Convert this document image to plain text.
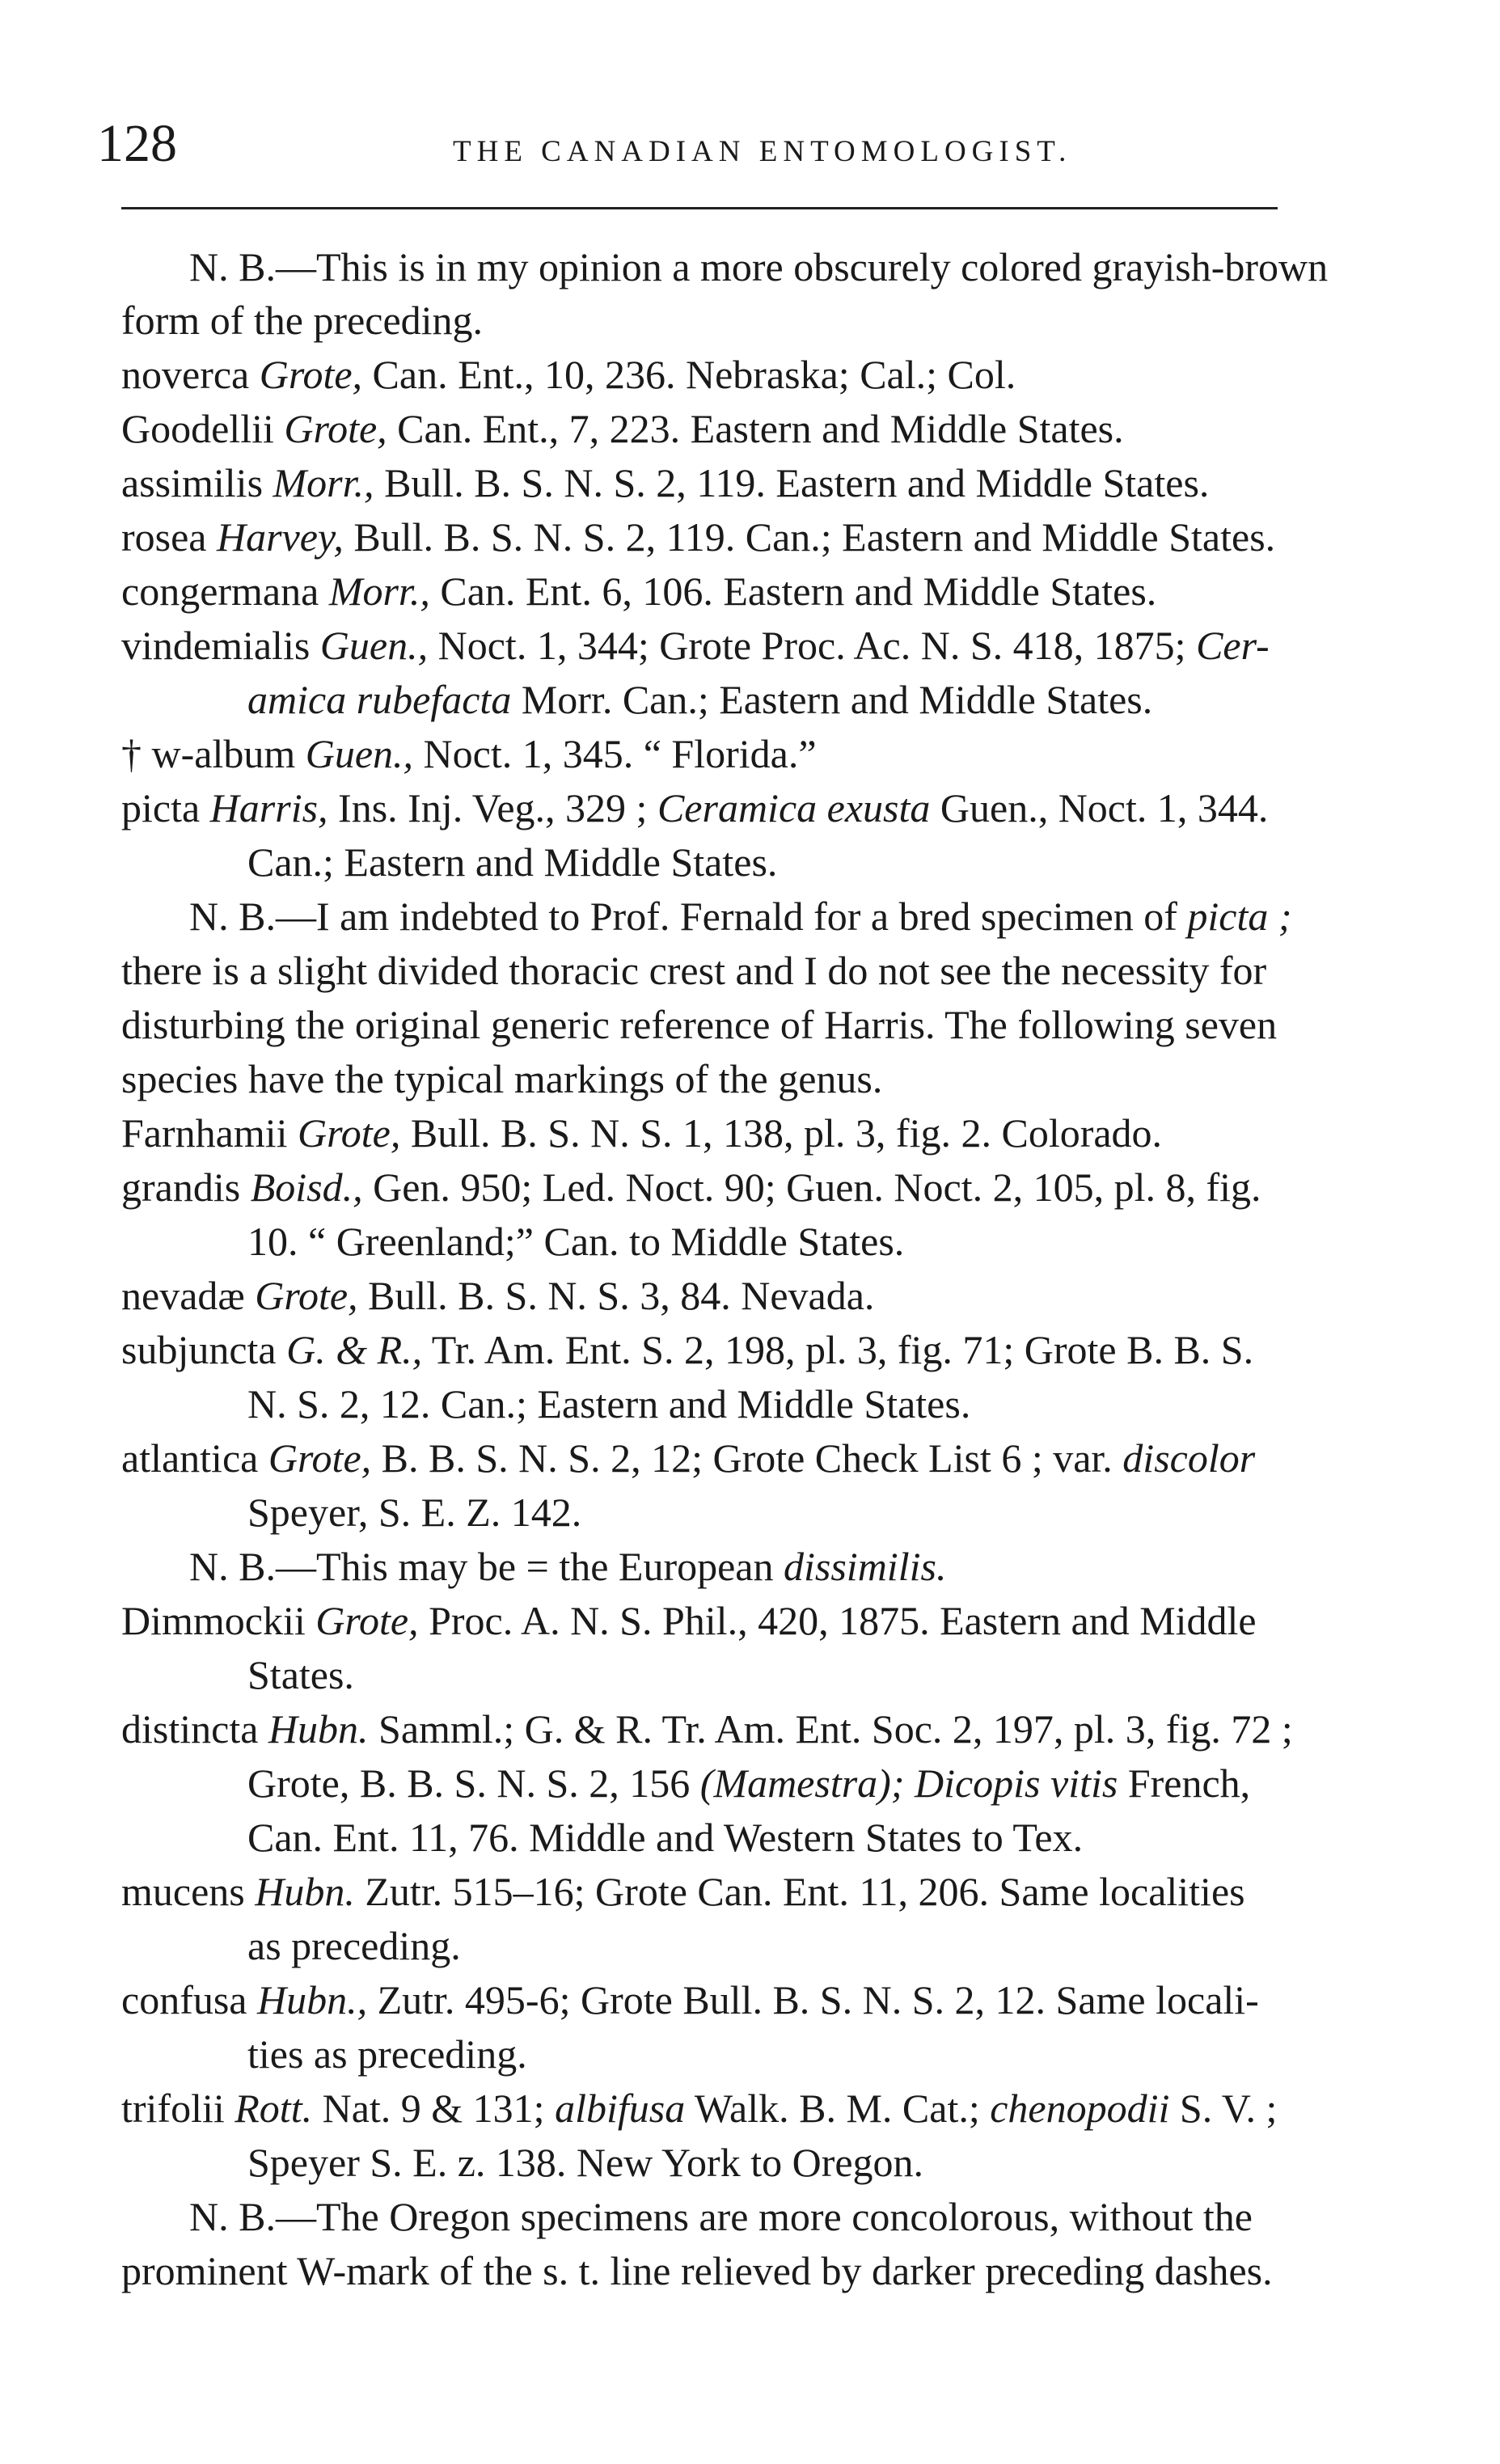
128	THE CANADIAN ENTOMOLOGIST.
N. B.—This is in my opinion a more obscurely colored grayish-brown
form of the preceding.
noverca Grote, Can. Ent., 10, 236. Nebraska; Cal.; Col.
Goodellii Grote, Can. Ent., 7, 223. Eastern and Middle States.
assimilis Morr., Bull. B. S. N. S. 2, 119. Eastern and Middle States.
rosea Harvey, Bull. B. S. N. S. 2, 119. Can.; Eastern and Middle States.
congermana Morr., Can. Ent. 6, 106. Eastern and Middle States.
vindemialis Guen., Noct. 1, 344; Grote Proc. Ac. N. S. 418, 1875; Cer-
amica rubefacta Morr. Can.; Eastern and Middle States.
† w-album Guen., Noct. 1, 345. “ Florida.”
picta Harris, Ins. Inj. Veg., 329 ; Ceramica exusta Guen., Noct. 1, 344.
Can.; Eastern and Middle States.
N. B.—I am indebted to Prof. Fernald for a bred specimen of picta ;
there is a slight divided thoracic crest and I do not see the necessity for
disturbing the original generic reference of Harris. The following seven
species have the typical markings of the genus.
Farnhamii Grote, Bull. B. S. N. S. 1, 138, pl. 3, fig. 2. Colorado.
grandis Boisd., Gen. 950; Led. Noct. 90; Guen. Noct. 2, 105, pl. 8, fig.
10. “ Greenland;” Can. to Middle States.
nevadæ Grote, Bull. B. S. N. S. 3, 84. Nevada.
subjuncta G. & R., Tr. Am. Ent. S. 2, 198, pl. 3, fig. 71; Grote B. B. S.
N. S. 2, 12. Can.; Eastern and Middle States.
atlantica Grote, B. B. S. N. S. 2, 12; Grote Check List 6 ; var. discolor
Speyer, S. E. Z. 142.
N. B.—This may be = the European dissimilis.
Dimmockii Grote, Proc. A. N. S. Phil., 420, 1875. Eastern and Middle
States.
distincta Hubn. Samml.; G. & R. Tr. Am. Ent. Soc. 2, 197, pl. 3, fig. 72 ;
Grote, B. B. S. N. S. 2, 156 (Mamestra); Dicopis vitis French,
Can. Ent. 11, 76. Middle and Western States to Tex.
mucens Hubn. Zutr. 515–16; Grote Can. Ent. 11, 206. Same localities
as preceding.
confusa Hubn., Zutr. 495-6; Grote Bull. B. S. N. S. 2, 12. Same locali-
ties as preceding.
trifolii Rott. Nat. 9 & 131; albifusa Walk. B. M. Cat.; chenopodii S. V. ;
Speyer S. E. z. 138. New York to Oregon.
N. B.—The Oregon specimens are more concolorous, without the
prominent W-mark of the s. t. line relieved by darker preceding dashes.
